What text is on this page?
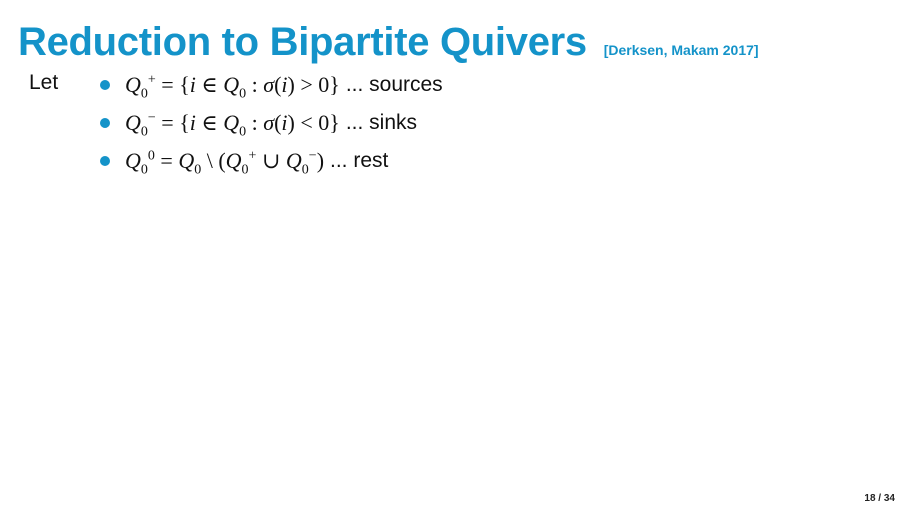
Reduction to Bipartite Quivers [Derksen, Makam 2017]
Let	$Q_0^+ = \{i$ ∈ $Q_0$ : σ(i) > 0} ... sources
$Q_0^- = \{i$ ∈ $Q_0$ : σ(i) < 0} ... sinks
$Q_0^0 = Q_0$ \ ($Q_0^+$ ∪ $Q_0^-$) ... rest
18 / 34
